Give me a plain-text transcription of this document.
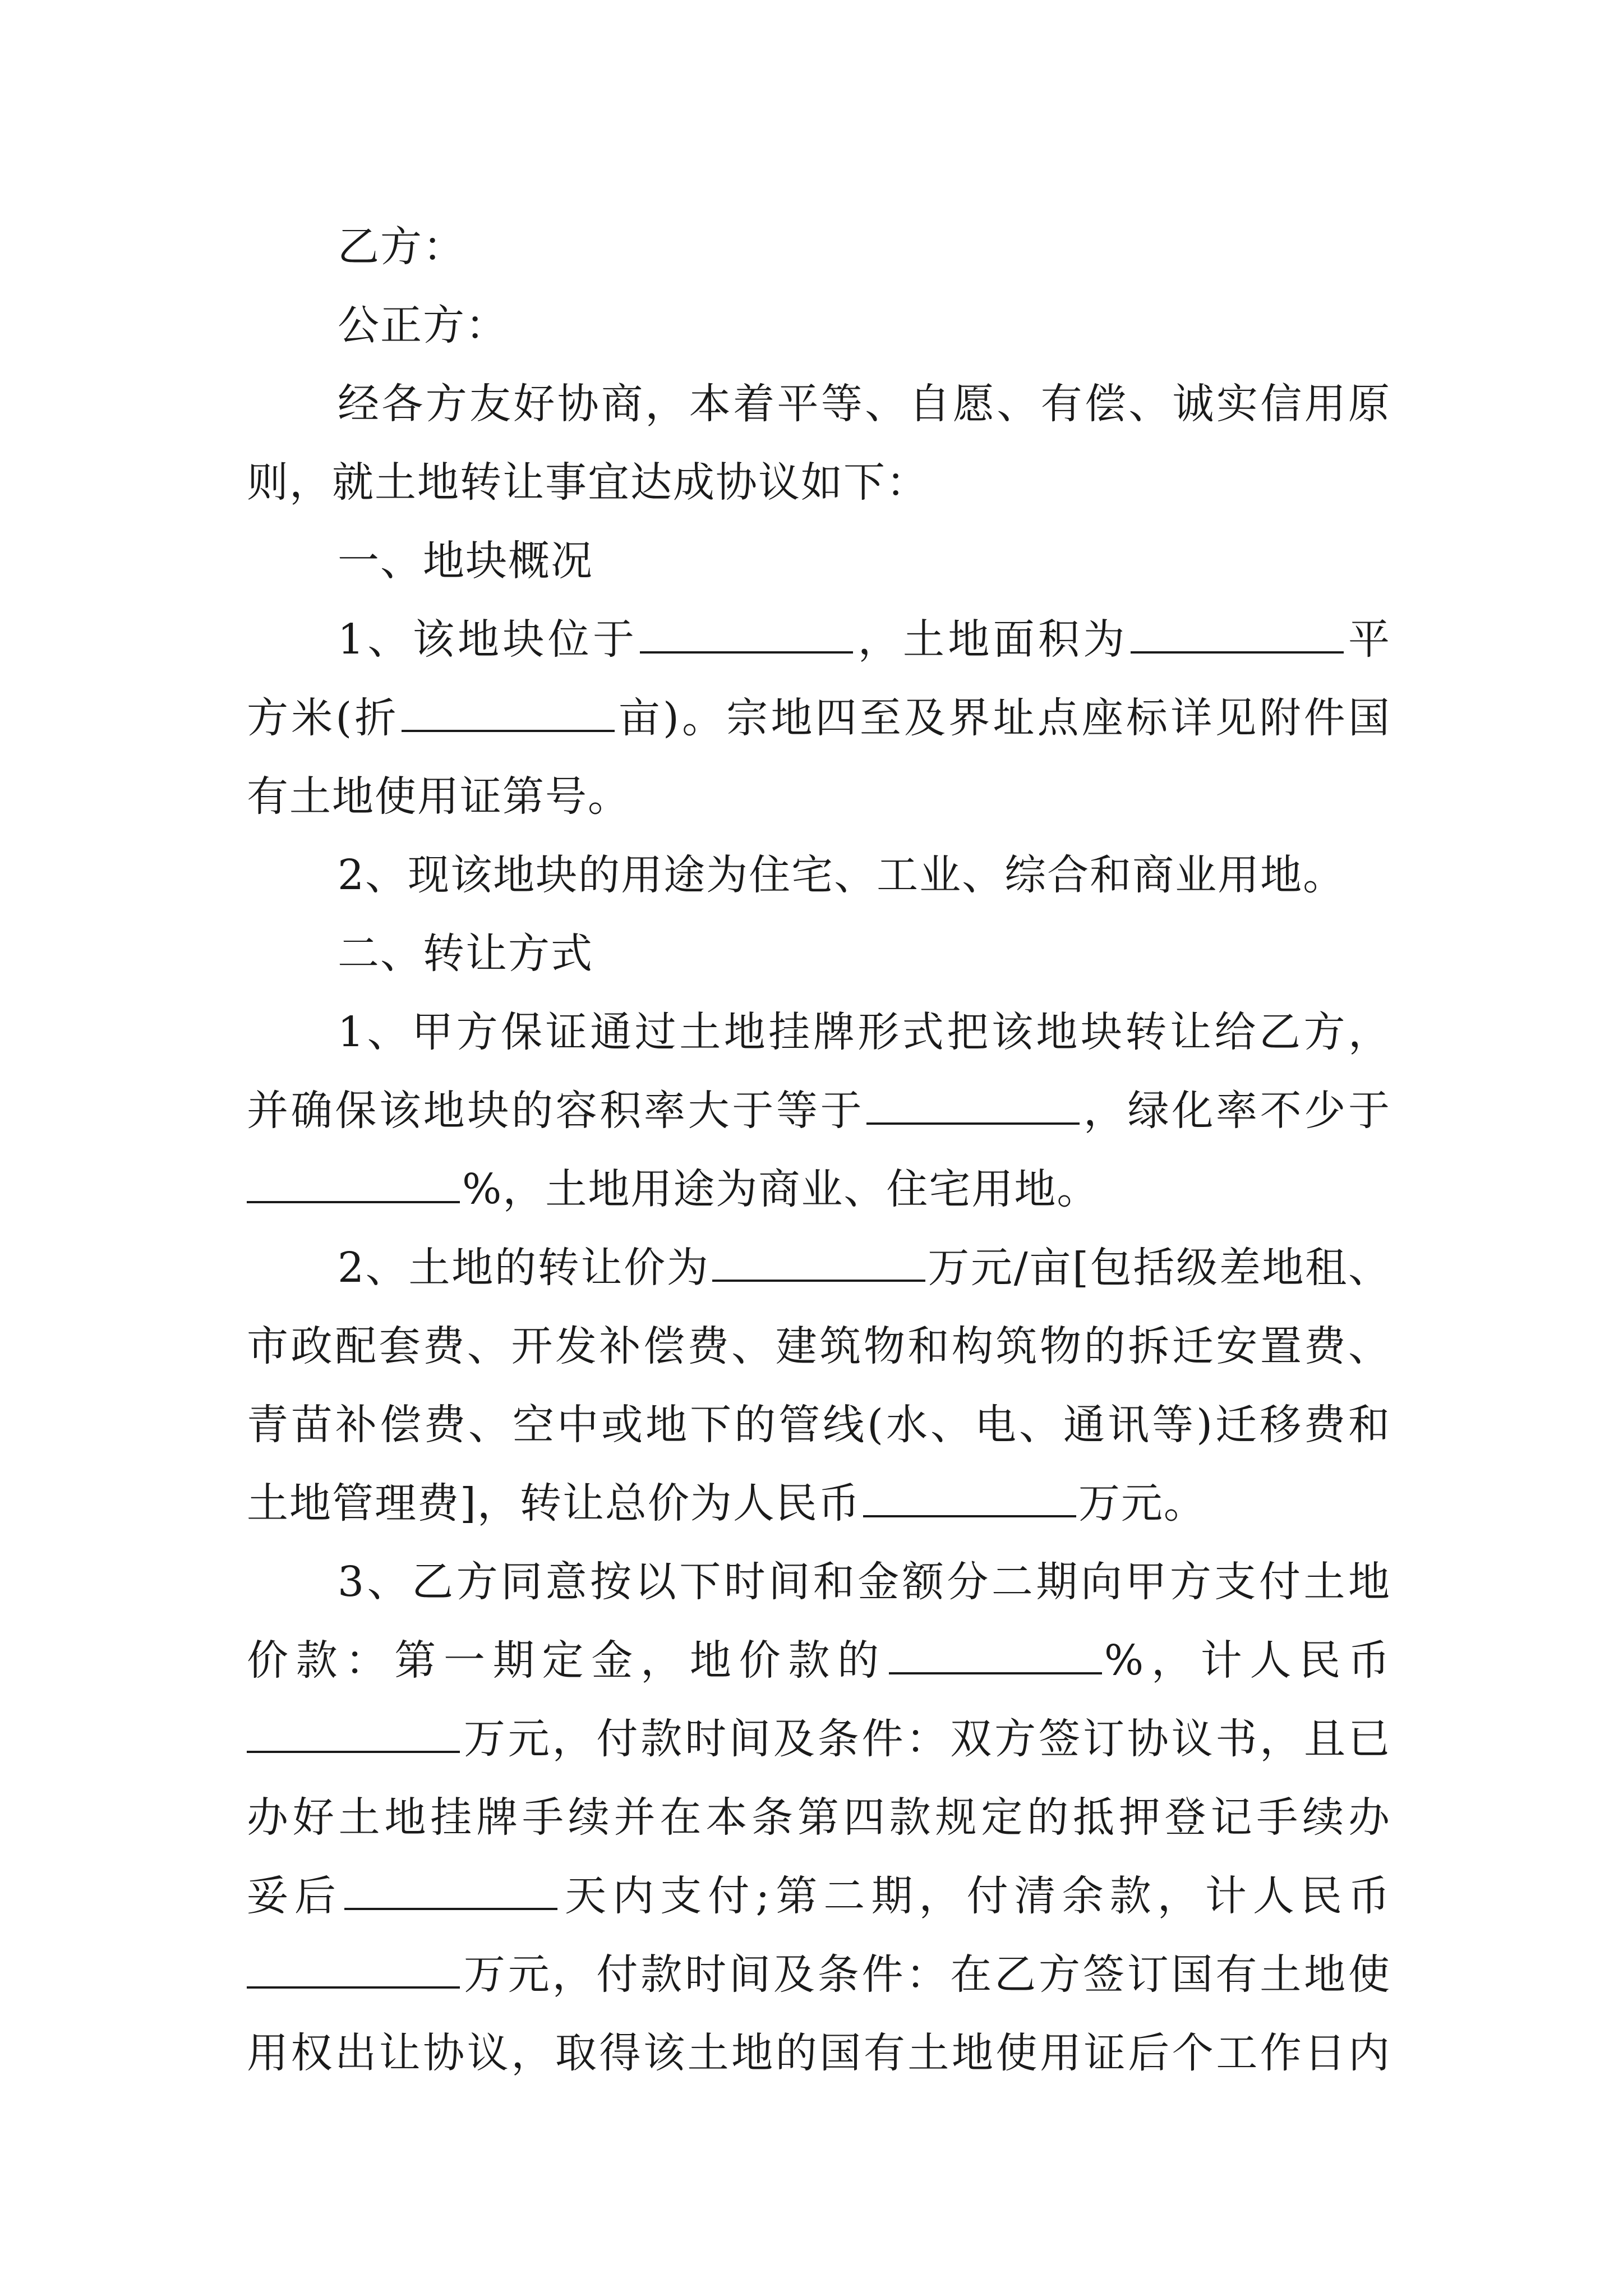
乙方：
公正方：
经各方友好协商，本着平等、自愿、有偿、诚实信用原
则，就土地转让事宜达成协议如下：
一、地块概况
1、该地块位于	，土地面积为	平
方米(折	亩)。宗地四至及界址点座标详见附件国
有土地使用证第号。
2、现该地块的用途为住宅、工业、综合和商业用地。
二、转让方式
1、甲方保证通过土地挂牌形式把该地块转让给乙方，
并确保该地块的容积率大于等于	，绿化率不少于
%，土地用途为商业、住宅用地。
2、土地的转让价为	万元/亩[包括级差地租、
市政配套费、开发补偿费、建筑物和构筑物的拆迁安置费、
青苗补偿费、空中或地下的管线(水、电、通讯等)迁移费和
土地管理费]，转让总价为人民币	万元。
3、乙方同意按以下时间和金额分二期向甲方支付土地
价款：第一期定金，地价款的	%，计人民币
万元，付款时间及条件：双方签订协议书，且已
办好土地挂牌手续并在本条第四款规定的抵押登记手续办
妥后	天内支付;第二期，付清余款，计人民币
万元，付款时间及条件：在乙方签订国有土地使
用权出让协议，取得该土地的国有土地使用证后个工作日内
